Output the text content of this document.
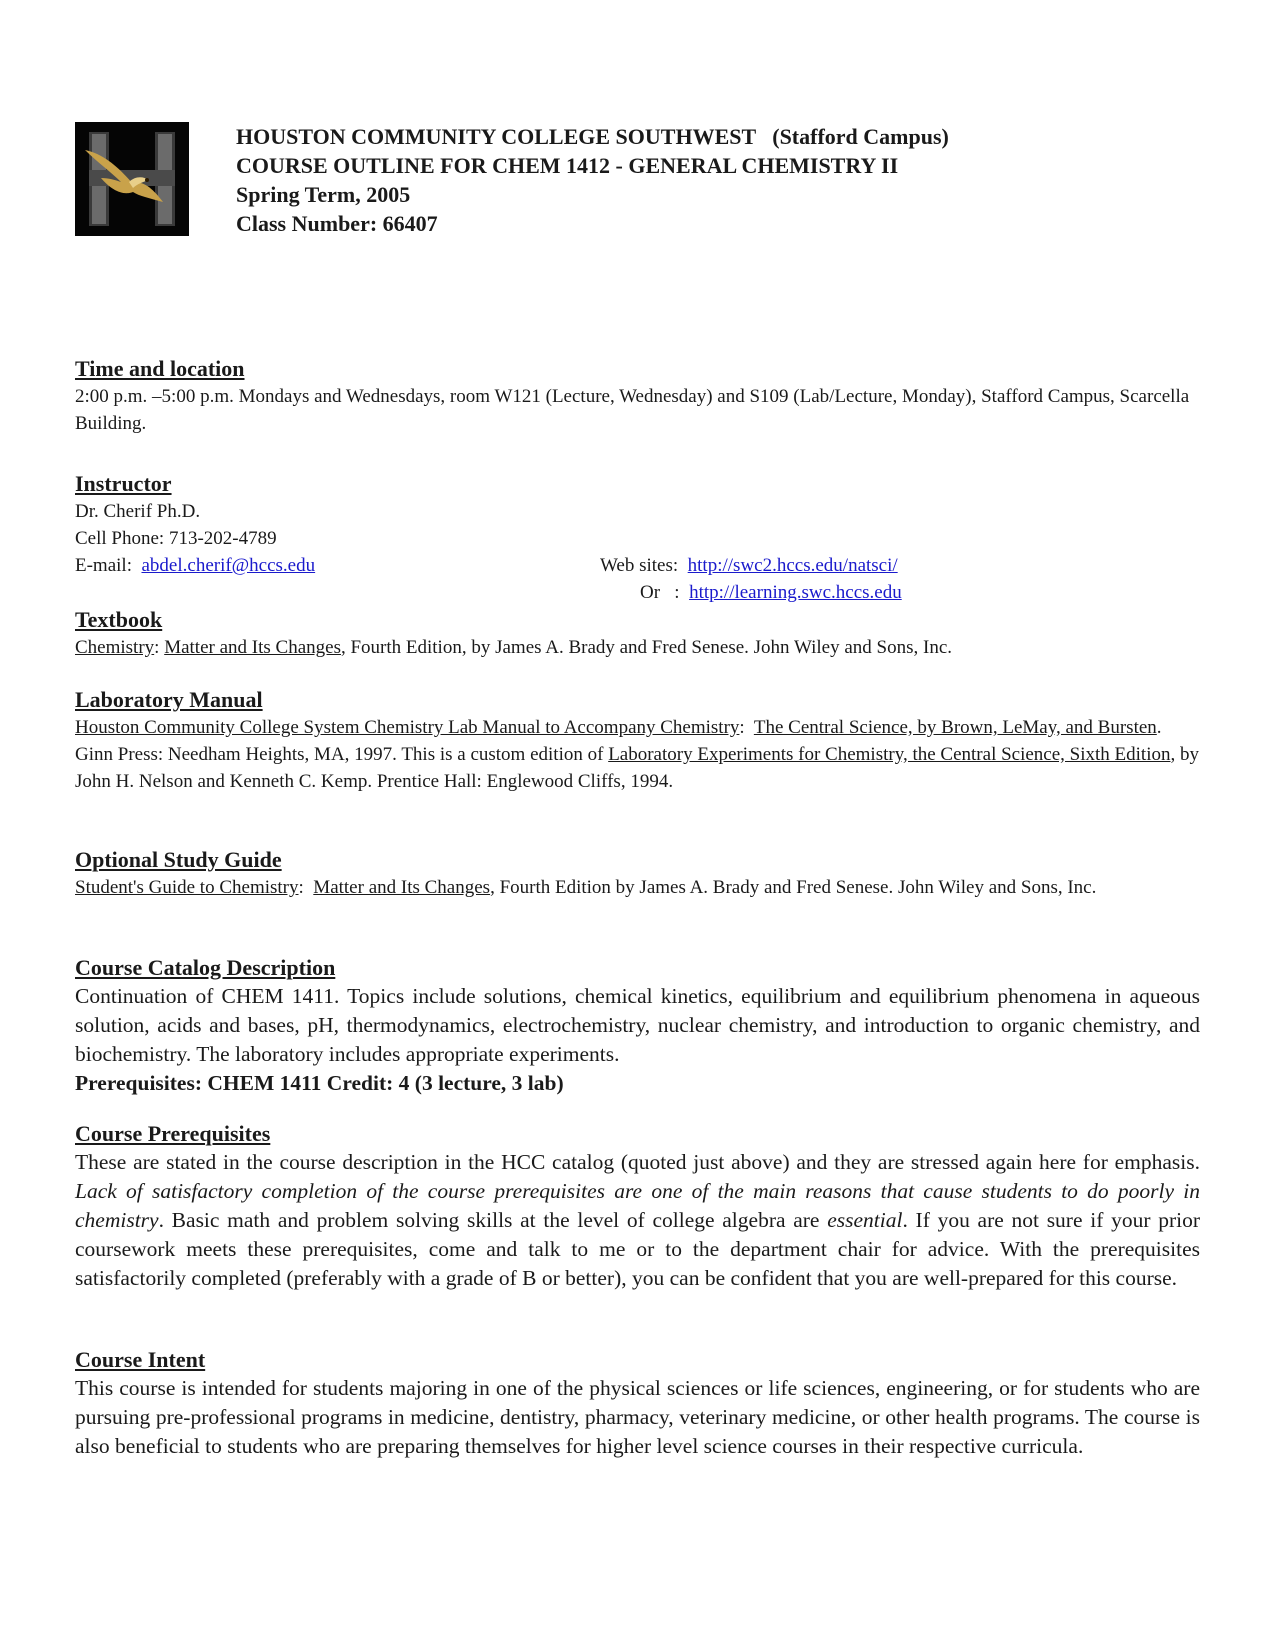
HOUSTON COMMUNITY COLLEGE SOUTHWEST   (Stafford Campus)
COURSE OUTLINE FOR CHEM 1412 - GENERAL CHEMISTRY II
Spring Term, 2005
Class Number: 66407
Time and location
2:00 p.m. –5:00 p.m. Mondays and Wednesdays, room W121 (Lecture, Wednesday) and S109 (Lab/Lecture, Monday), Stafford Campus, Scarcella Building.
Instructor
Dr. Cherif Ph.D.
Cell Phone: 713-202-4789
E-mail:  abdel.cherif@hccs.edu	Web sites:  http://swc2.hccs.edu/natsci/
Or   :  http://learning.swc.hccs.edu
Textbook
Chemistry: Matter and Its Changes, Fourth Edition, by James A. Brady and Fred Senese. John Wiley and Sons, Inc.
Laboratory Manual
Houston Community College System Chemistry Lab Manual to Accompany Chemistry:  The Central Science, by Brown, LeMay, and Bursten. Ginn Press: Needham Heights, MA, 1997. This is a custom edition of Laboratory Experiments for Chemistry, the Central Science, Sixth Edition, by John H. Nelson and Kenneth C. Kemp. Prentice Hall: Englewood Cliffs, 1994.
Optional Study Guide
Student's Guide to Chemistry:  Matter and Its Changes, Fourth Edition by James A. Brady and Fred Senese. John Wiley and Sons, Inc.
Course Catalog Description
Continuation of CHEM 1411. Topics include solutions, chemical kinetics, equilibrium and equilibrium phenomena in aqueous solution, acids and bases, pH, thermodynamics, electrochemistry, nuclear chemistry, and introduction to organic chemistry, and biochemistry. The laboratory includes appropriate experiments.
Prerequisites: CHEM 1411 Credit: 4 (3 lecture, 3 lab)
Course Prerequisites
These are stated in the course description in the HCC catalog (quoted just above) and they are stressed again here for emphasis. Lack of satisfactory completion of the course prerequisites are one of the main reasons that cause students to do poorly in chemistry. Basic math and problem solving skills at the level of college algebra are essential. If you are not sure if your prior coursework meets these prerequisites, come and talk to me or to the department chair for advice. With the prerequisites satisfactorily completed (preferably with a grade of B or better), you can be confident that you are well-prepared for this course.
Course Intent
This course is intended for students majoring in one of the physical sciences or life sciences, engineering, or for students who are pursuing pre-professional programs in medicine, dentistry, pharmacy, veterinary medicine, or other health programs. The course is also beneficial to students who are preparing themselves for higher level science courses in their respective curricula.
